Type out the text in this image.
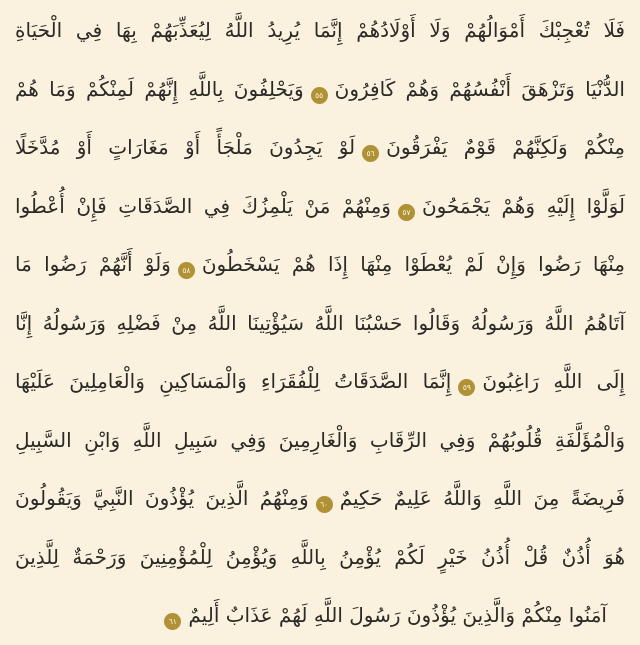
فَلَا تُعْجِبْكَ أَمْوَالُهُمْ وَلَا أَوْلَادُهُمْ إِنَّمَا يُرِيدُ اللَّهُ لِيُعَذِّبَهُمْ بِهَا فِي الْحَيَاةِ
الدُّنْيَا وَتَزْهَقَ أَنْفُسُهُمْ وَهُمْ كَافِرُونَ
٥٥
وَيَحْلِفُونَ بِاللَّهِ إِنَّهُمْ لَمِنْكُمْ وَمَا هُمْ
مِنْكُمْ وَلَكِنَّهُمْ قَوْمٌ يَفْرَقُونَ
٥٦
لَوْ يَجِدُونَ مَلْجَأً أَوْ مَغَارَاتٍ أَوْ مُدَّخَلًا
لَوَلَّوْا إِلَيْهِ وَهُمْ يَجْمَحُونَ
٥٧
وَمِنْهُمْ مَنْ يَلْمِزُكَ فِي الصَّدَقَاتِ فَإِنْ أُعْطُوا
مِنْهَا رَضُوا وَإِنْ لَمْ يُعْطَوْا مِنْهَا إِذَا هُمْ يَسْخَطُونَ
٥٨
وَلَوْ أَنَّهُمْ رَضُوا مَا
آتَاهُمُ اللَّهُ وَرَسُولُهُ وَقَالُوا حَسْبُنَا اللَّهُ سَيُؤْتِينَا اللَّهُ مِنْ فَضْلِهِ وَرَسُولُهُ إِنَّا
إِلَى اللَّهِ رَاغِبُونَ
٥٩
إِنَّمَا الصَّدَقَاتُ لِلْفُقَرَاءِ وَالْمَسَاكِينِ وَالْعَامِلِينَ عَلَيْهَا
وَالْمُؤَلَّفَةِ قُلُوبُهُمْ وَفِي الرِّقَابِ وَالْغَارِمِينَ وَفِي سَبِيلِ اللَّهِ وَابْنِ السَّبِيلِ
فَرِيضَةً مِنَ اللَّهِ وَاللَّهُ عَلِيمٌ حَكِيمٌ
٦٠
وَمِنْهُمُ الَّذِينَ يُؤْذُونَ النَّبِيَّ وَيَقُولُونَ
هُوَ أُذُنٌ قُلْ أُذُنُ خَيْرٍ لَكُمْ يُؤْمِنُ بِاللَّهِ وَيُؤْمِنُ لِلْمُؤْمِنِينَ وَرَحْمَةٌ لِلَّذِينَ
آمَنُوا مِنْكُمْ وَالَّذِينَ يُؤْذُونَ رَسُولَ اللَّهِ لَهُمْ عَذَابٌ أَلِيمٌ
٦١
